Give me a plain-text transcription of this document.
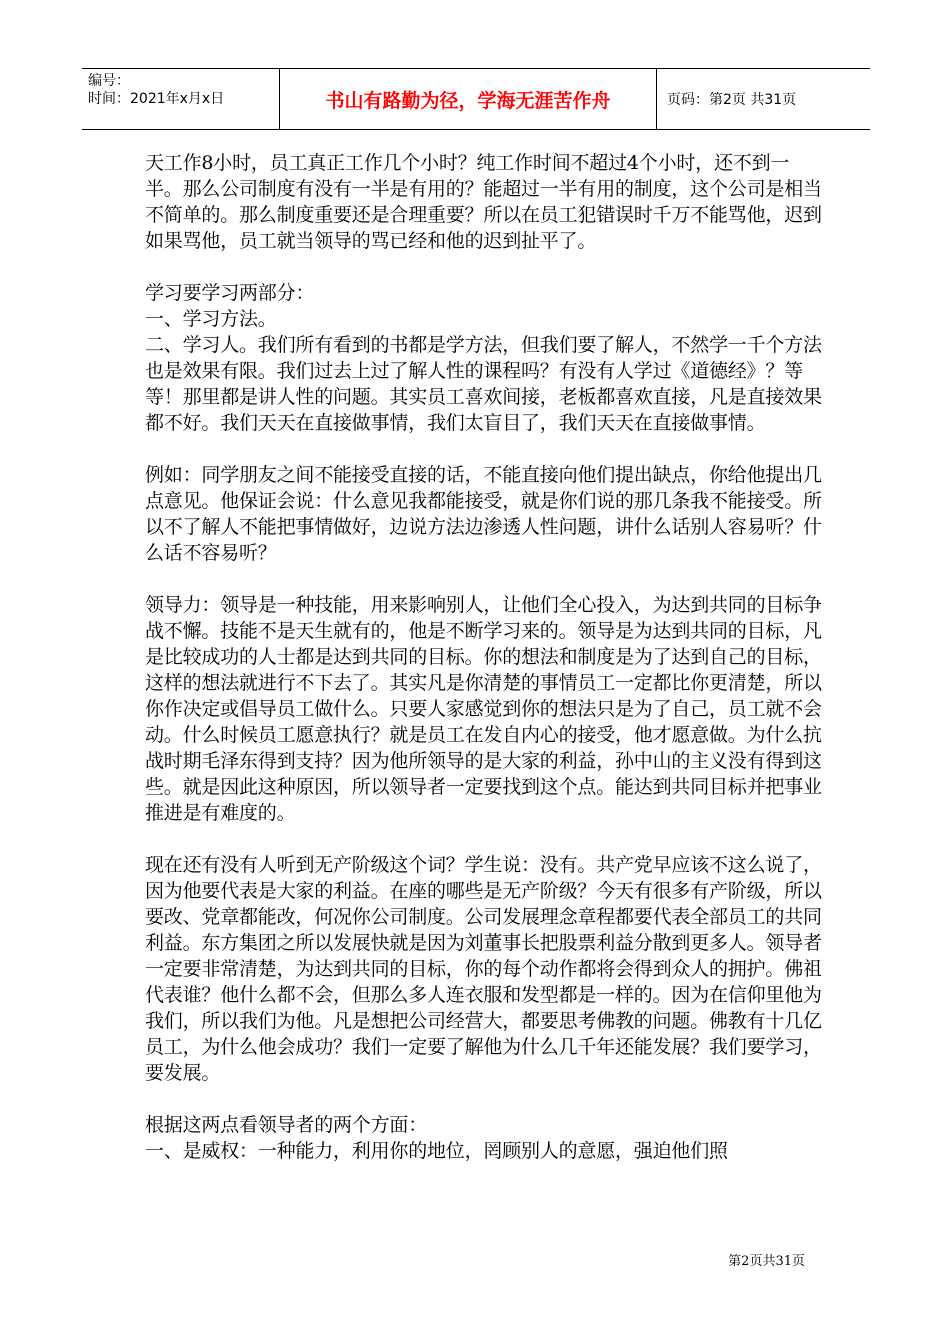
编号：
时间：2021年x月x日	书山有路勤为径，学海无涯苦作舟	页码：第2页 共31页

天工作8小时，员工真正工作几个小时？纯工作时间不超过4个小时，还不到一半。那么公司制度有没有一半是有用的？能超过一半有用的制度，这个公司是相当不简单的。那么制度重要还是合理重要？所以在员工犯错误时千万不能骂他，迟到如果骂他，员工就当领导的骂已经和他的迟到扯平了。

学习要学习两部分：

一、学习方法。

二、学习人。我们所有看到的书都是学方法，但我们要了解人，不然学一千个方法也是效果有限。我们过去上过了解人性的课程吗？有没有人学过《道德经》？等等！那里都是讲人性的问题。其实员工喜欢间接，老板都喜欢直接，凡是直接效果都不好。我们天天在直接做事情，我们太盲目了，我们天天在直接做事情。

例如：同学朋友之间不能接受直接的话，不能直接向他们提出缺点，你给他提出几点意见。他保证会说：什么意见我都能接受，就是你们说的那几条我不能接受。所以不了解人不能把事情做好，边说方法边渗透人性问题，讲什么话别人容易听？什么话不容易听？

领导力：领导是一种技能，用来影响别人，让他们全心投入，为达到共同的目标争战不懈。技能不是天生就有的，他是不断学习来的。领导是为达到共同的目标，凡是比较成功的人士都是达到共同的目标。你的想法和制度是为了达到自己的目标，这样的想法就进行不下去了。其实凡是你清楚的事情员工一定都比你更清楚，所以你作决定或倡导员工做什么。只要人家感觉到你的想法只是为了自己，员工就不会动。什么时候员工愿意执行？就是员工在发自内心的接受，他才愿意做。为什么抗战时期毛泽东得到支持？因为他所领导的是大家的利益，孙中山的主义没有得到这些。就是因此这种原因，所以领导者一定要找到这个点。能达到共同目标并把事业推进是有难度的。

现在还有没有人听到无产阶级这个词？学生说：没有。共产党早应该不这么说了，因为他要代表是大家的利益。在座的哪些是无产阶级？今天有很多有产阶级，所以要改、党章都能改，何况你公司制度。公司发展理念章程都要代表全部员工的共同利益。东方集团之所以发展快就是因为刘董事长把股票利益分散到更多人。领导者一定要非常清楚，为达到共同的目标，你的每个动作都将会得到众人的拥护。佛祖代表谁？他什么都不会，但那么多人连衣服和发型都是一样的。因为在信仰里他为我们，所以我们为他。凡是想把公司经营大，都要思考佛教的问题。佛教有十几亿员工，为什么他会成功？我们一定要了解他为什么几千年还能发展？我们要学习，要发展。

根据这两点看领导者的两个方面：

一、是威权：一种能力，利用你的地位，罔顾别人的意愿，强迫他们照

第2页共31页
